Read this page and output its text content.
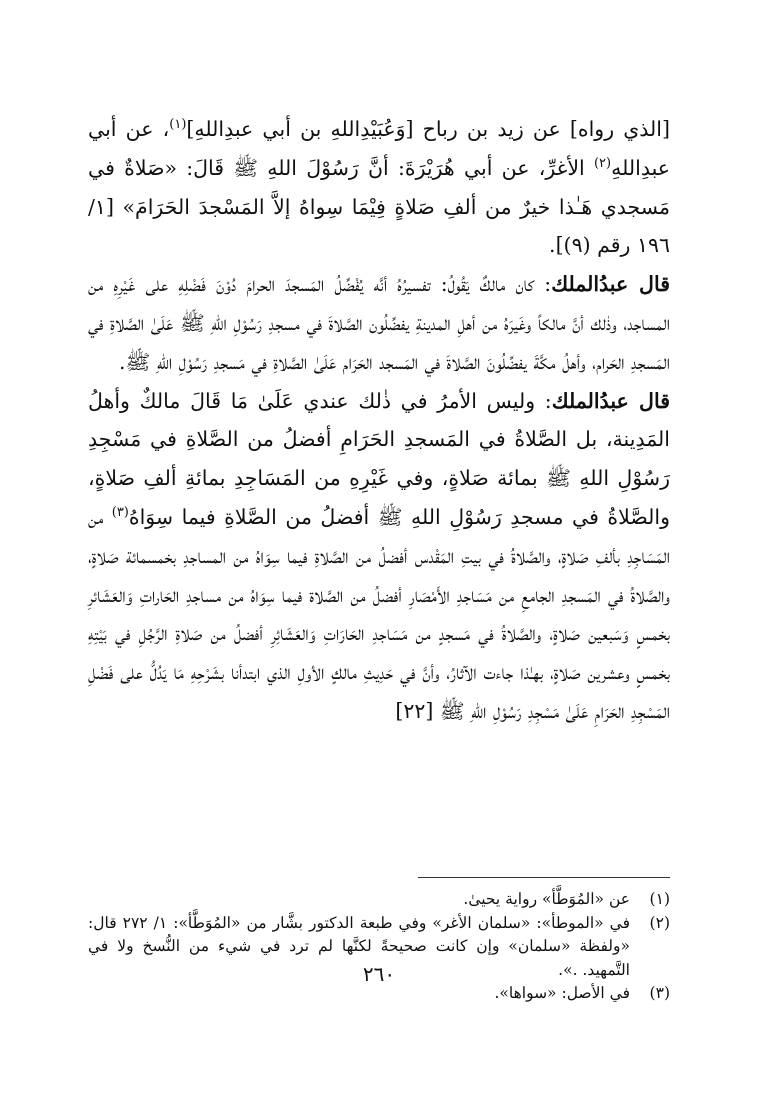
[الذي رواه] عن زيد بن رباح [وَعُبَيْدِاللهِ بن أبي عبدِاللهِ]$^{(١)}$، عن أبي عبدِاللهِ$^{(٢)}$ الأغرِّ، عن أبي هُرَيْرَةَ: أنَّ رَسُوْلَ اللهِ ﷺ قَالَ: «صَلاةٌ في مَسجدي هَـٰذا خيرٌ من ألفِ صَلاةٍ فِيْمَا سِواهُ إلاَّ المَسْجدَ الحَرَامَ» [١/ ١٩٦ رقم (٩)].

قال عبدُالملك: كان مالكٌ يَقُولُ: تفسيرُهُ أنَّه يُفْضِّلُ المَسجدَ الحرامَ دُوْنَ فَضْلِهِ على غَيْرِهِ من المساجد، وذٰلك أنَّ مالكاً وغَيرَهُ من أهلِ المدينةِ يفضِّلُون الصَّلاةَ في مسجدِ رَسُوْلِ اللهِ ﷺ عَلَىٰ الصَّلاةِ في المَسجدِ الحَرام، وأهلُ مكَّةَ يفضِّلُونَ الصَّلاةَ في المَسجد الحَرَام عَلَىٰ الصَّلاةِ في مَسجدِ رَسُوْلِ اللهِ ﷺ.

قال عبدُالملك: وليس الأمرُ في ذٰلك عندي عَلَىٰ مَا قَالَ مالكٌ وأهلُ المَدِينة، بل الصَّلاةُ في المَسجدِ الحَرَامِ أفضلُ من الصَّلاةِ في مَسْجِدِ رَسُوْلِ اللهِ ﷺ بمائة صَلاةٍ، وفي غَيْرِهِ من المَسَاجِدِ بمائةِ ألفِ صَلاةٍ، والصَّلاةُ في مسجدِ رَسُوْلِ اللهِ ﷺ أفضلُ من الصَّلاةِ فيما سِوَاهُ$^{(٣)}$ من المَسَاجِدِ بألفِ صَلاةٍ، والصَّلاةُ في بيتِ المَقْدس أفضلُ من الصَّلاةِ فيما سِوَاهُ من المساجدِ بخمسمائة صَلاةٍ، والصَّلاةُ في المَسجدِ الجامعِ من مَسَاجدِ الأَمْصَارِ أفضلُ من الصَّلاة فيما سِوَاهُ من مساجدِ الحَاراتِ وَالعَشَائرِ بخمسٍ وَسَبعين صَلاةٍ، والصَّلاةُ في مَسجدٍ من مَسَاجدِ الحَارَاتِ وَالعَشَائِرِ أفضلُ من صَلاةِ الرَّجُلِ في بَيْتِهِ بخمسٍ وعشرين صَلاةٍ، بهـٰذا جاءت الآثارُ، وأنَّ في حَدِيثِ مالكٍ الأولِ الذي ابتدأنا بشَرْحِهِ مَا يَدُلُّ على فَضْلِ المَسْجِدِ الحَرَامِ عَلَىٰ مَسْجِدِ رَسُوْلِ اللهِ ﷺ [٢٢]

(١)
عن «المُوَطَّأ» رواية يحيىٰ.
(٢)
في «الموطأ»: «سلمان الأغر» وفي طبعة الدكتور بشَّار من «المُوَطَّأ»: ١/ ٢٧٢ قال: «ولفظة «سلمان» وإن كانت صحيحةً لكنَّها لم ترد في شيء من النُّسخ ولا في التَّمهيد. .».
(٣)
في الأصل: «سواها».
٢٦٠
